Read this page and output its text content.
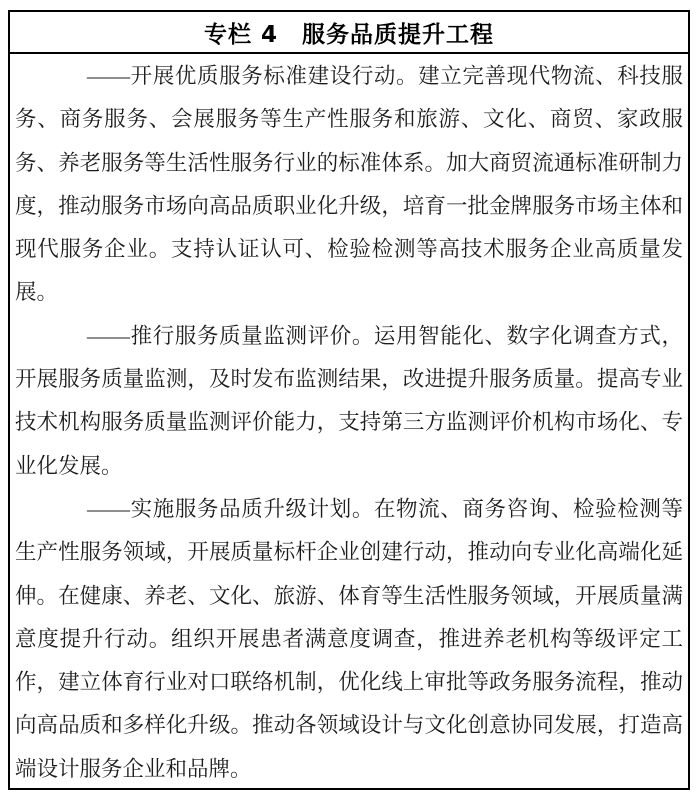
专栏 4　服务品质提升工程

——开展优质服务标准建设行动。建立完善现代物流、科技服务、商务服务、会展服务等生产性服务和旅游、文化、商贸、家政服务、养老服务等生活性服务行业的标准体系。加大商贸流通标准研制力度，推动服务市场向高品质职业化升级，培育一批金牌服务市场主体和现代服务企业。支持认证认可、检验检测等高技术服务企业高质量发展。

——推行服务质量监测评价。运用智能化、数字化调查方式，开展服务质量监测，及时发布监测结果，改进提升服务质量。提高专业技术机构服务质量监测评价能力，支持第三方监测评价机构市场化、专业化发展。

——实施服务品质升级计划。在物流、商务咨询、检验检测等生产性服务领域，开展质量标杆企业创建行动，推动向专业化高端化延伸。在健康、养老、文化、旅游、体育等生活性服务领域，开展质量满意度提升行动。组织开展患者满意度调查，推进养老机构等级评定工作，建立体育行业对口联络机制，优化线上审批等政务服务流程，推动向高品质和多样化升级。推动各领域设计与文化创意协同发展，打造高端设计服务企业和品牌。
